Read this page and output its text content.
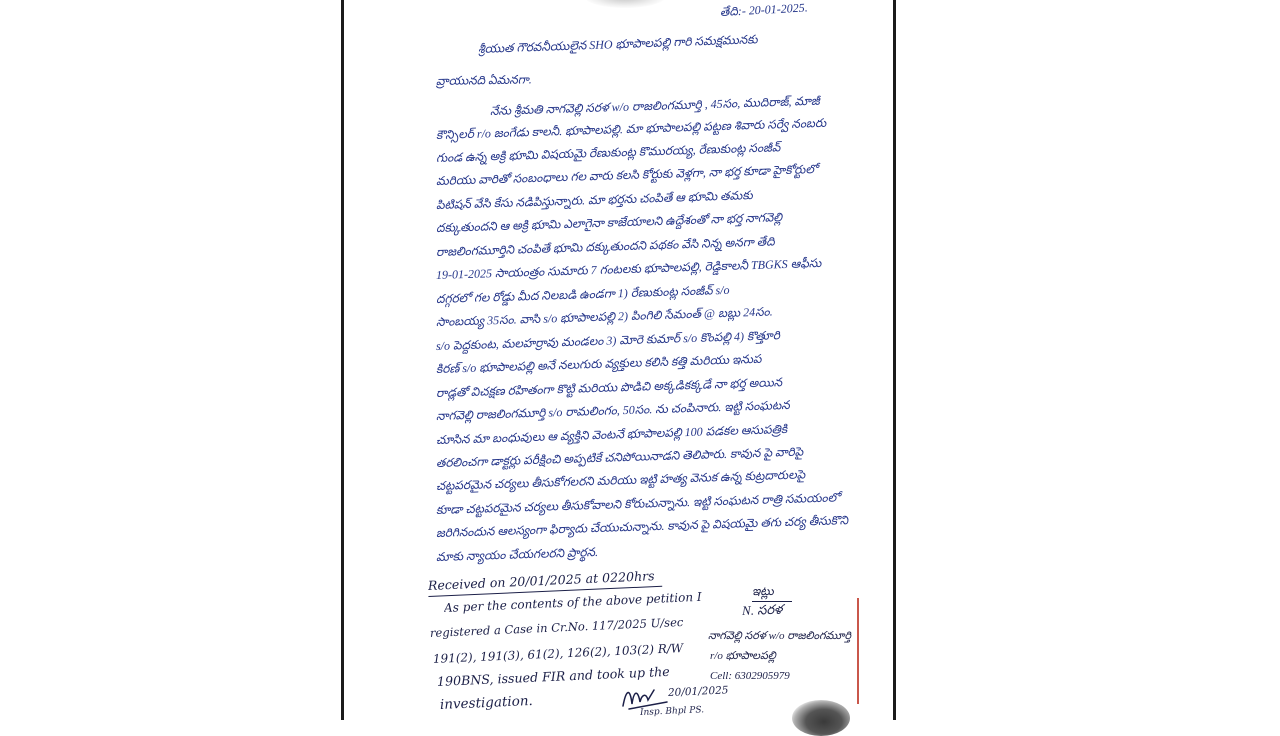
తేది:- 20-01-2025.
శ్రీయుత గౌరవనీయులైన SHO భూపాలపల్లి గారి సమక్షమునకు
వ్రాయునది ఏమనగా.
నేను శ్రీమతి నాగవెల్లి సరళ w/o రాజలింగమూర్తి , 45సం, ముదిరాజ్, మాజీ
కౌన్సిలర్ r/o జంగేడు కాలనీ. భూపాలపల్లి. మా భూపాలపల్లి పట్టణ శివారు సర్వే నంబరు
గుండ ఉన్న అక్రి భూమి విషయమై రేణుకుంట్ల కొమురయ్య, రేణుకుంట్ల సంజీవ్
మరియు వారితో సంబంధాలు గల వారు కలసి కోర్టుకు వెళ్లగా, నా భర్త కూడా హైకోర్టులో
పిటిషన్ వేసి కేసు నడిపిస్తున్నారు. మా భర్తను చంపితే ఆ భూమి తమకు
దక్కుతుందని ఆ అక్రి భూమి ఎలాగైనా కాజేయాలని ఉద్దేశంతో నా భర్త నాగవెల్లి
రాజలింగమూర్తిని చంపితే భూమి దక్కుతుందని పథకం వేసి నిన్న అనగా తేది
19-01-2025 సాయంత్రం సుమారు 7 గంటలకు భూపాలపల్లి, రెడ్డికాలనీ TBGKS ఆఫీసు
దగ్గరలో గల రోడ్డు మీద నిలబడి ఉండగా 1) రేణుకుంట్ల సంజీవ్ s/o
సాంబయ్య 35సం. వాసి s/o భూపాలపల్లి 2) పింగిలి సేమంత్ @ బబ్లు 24సం.
s/o పెద్దకుంట, మలహర్రావు మండలం 3) మోరె కుమార్ s/o కొంపల్లి 4) కొత్తూరి
కిరణ్ s/o భూపాలపల్లి అనే నలుగురు వ్యక్తులు కలిసి కత్తి మరియు ఇనుప
రాడ్లతో విచక్షణ రహితంగా కొట్టి మరియు పొడిచి అక్కడికక్కడే నా భర్త అయిన
నాగవెల్లి రాజలింగమూర్తి s/o రామలింగం, 50సం. ను చంపినారు. ఇట్టి సంఘటన
చూసిన మా బంధువులు ఆ వ్యక్తిని వెంటనే భూపాలపల్లి 100 పడకల ఆసుపత్రికి
తరలించగా డాక్టర్లు పరీక్షించి అప్పటికే చనిపోయినాడని తెలిపారు. కావున పై వారిపై
చట్టపరమైన చర్యలు తీసుకోగలరని మరియు ఇట్టి హత్య వెనుక ఉన్న కుట్రదారులపై
కూడా చట్టపరమైన చర్యలు తీసుకోవాలని కోరుచున్నాను. ఇట్టి సంఘటన రాత్రి సమయంలో
జరిగినందున ఆలస్యంగా ఫిర్యాదు చేయుచున్నాను. కావున పై విషయమై తగు చర్య తీసుకొని
మాకు న్యాయం చేయగలరని ప్రార్థన.
Received on 20/01/2025 at 0220hrs
As per the contents of the above petition I
registered a Case in Cr.No. 117/2025 U/sec
191(2), 191(3), 61(2), 126(2), 103(2) R/W
190BNS, issued FIR and took up the
investigation.
20/01/2025
Insp. Bhpl PS.
ఇట్లు
N. సరళ
నాగవెల్లి సరళ w/o రాజలింగమూర్తి
r/o భూపాలపల్లి
Cell: 6302905979
